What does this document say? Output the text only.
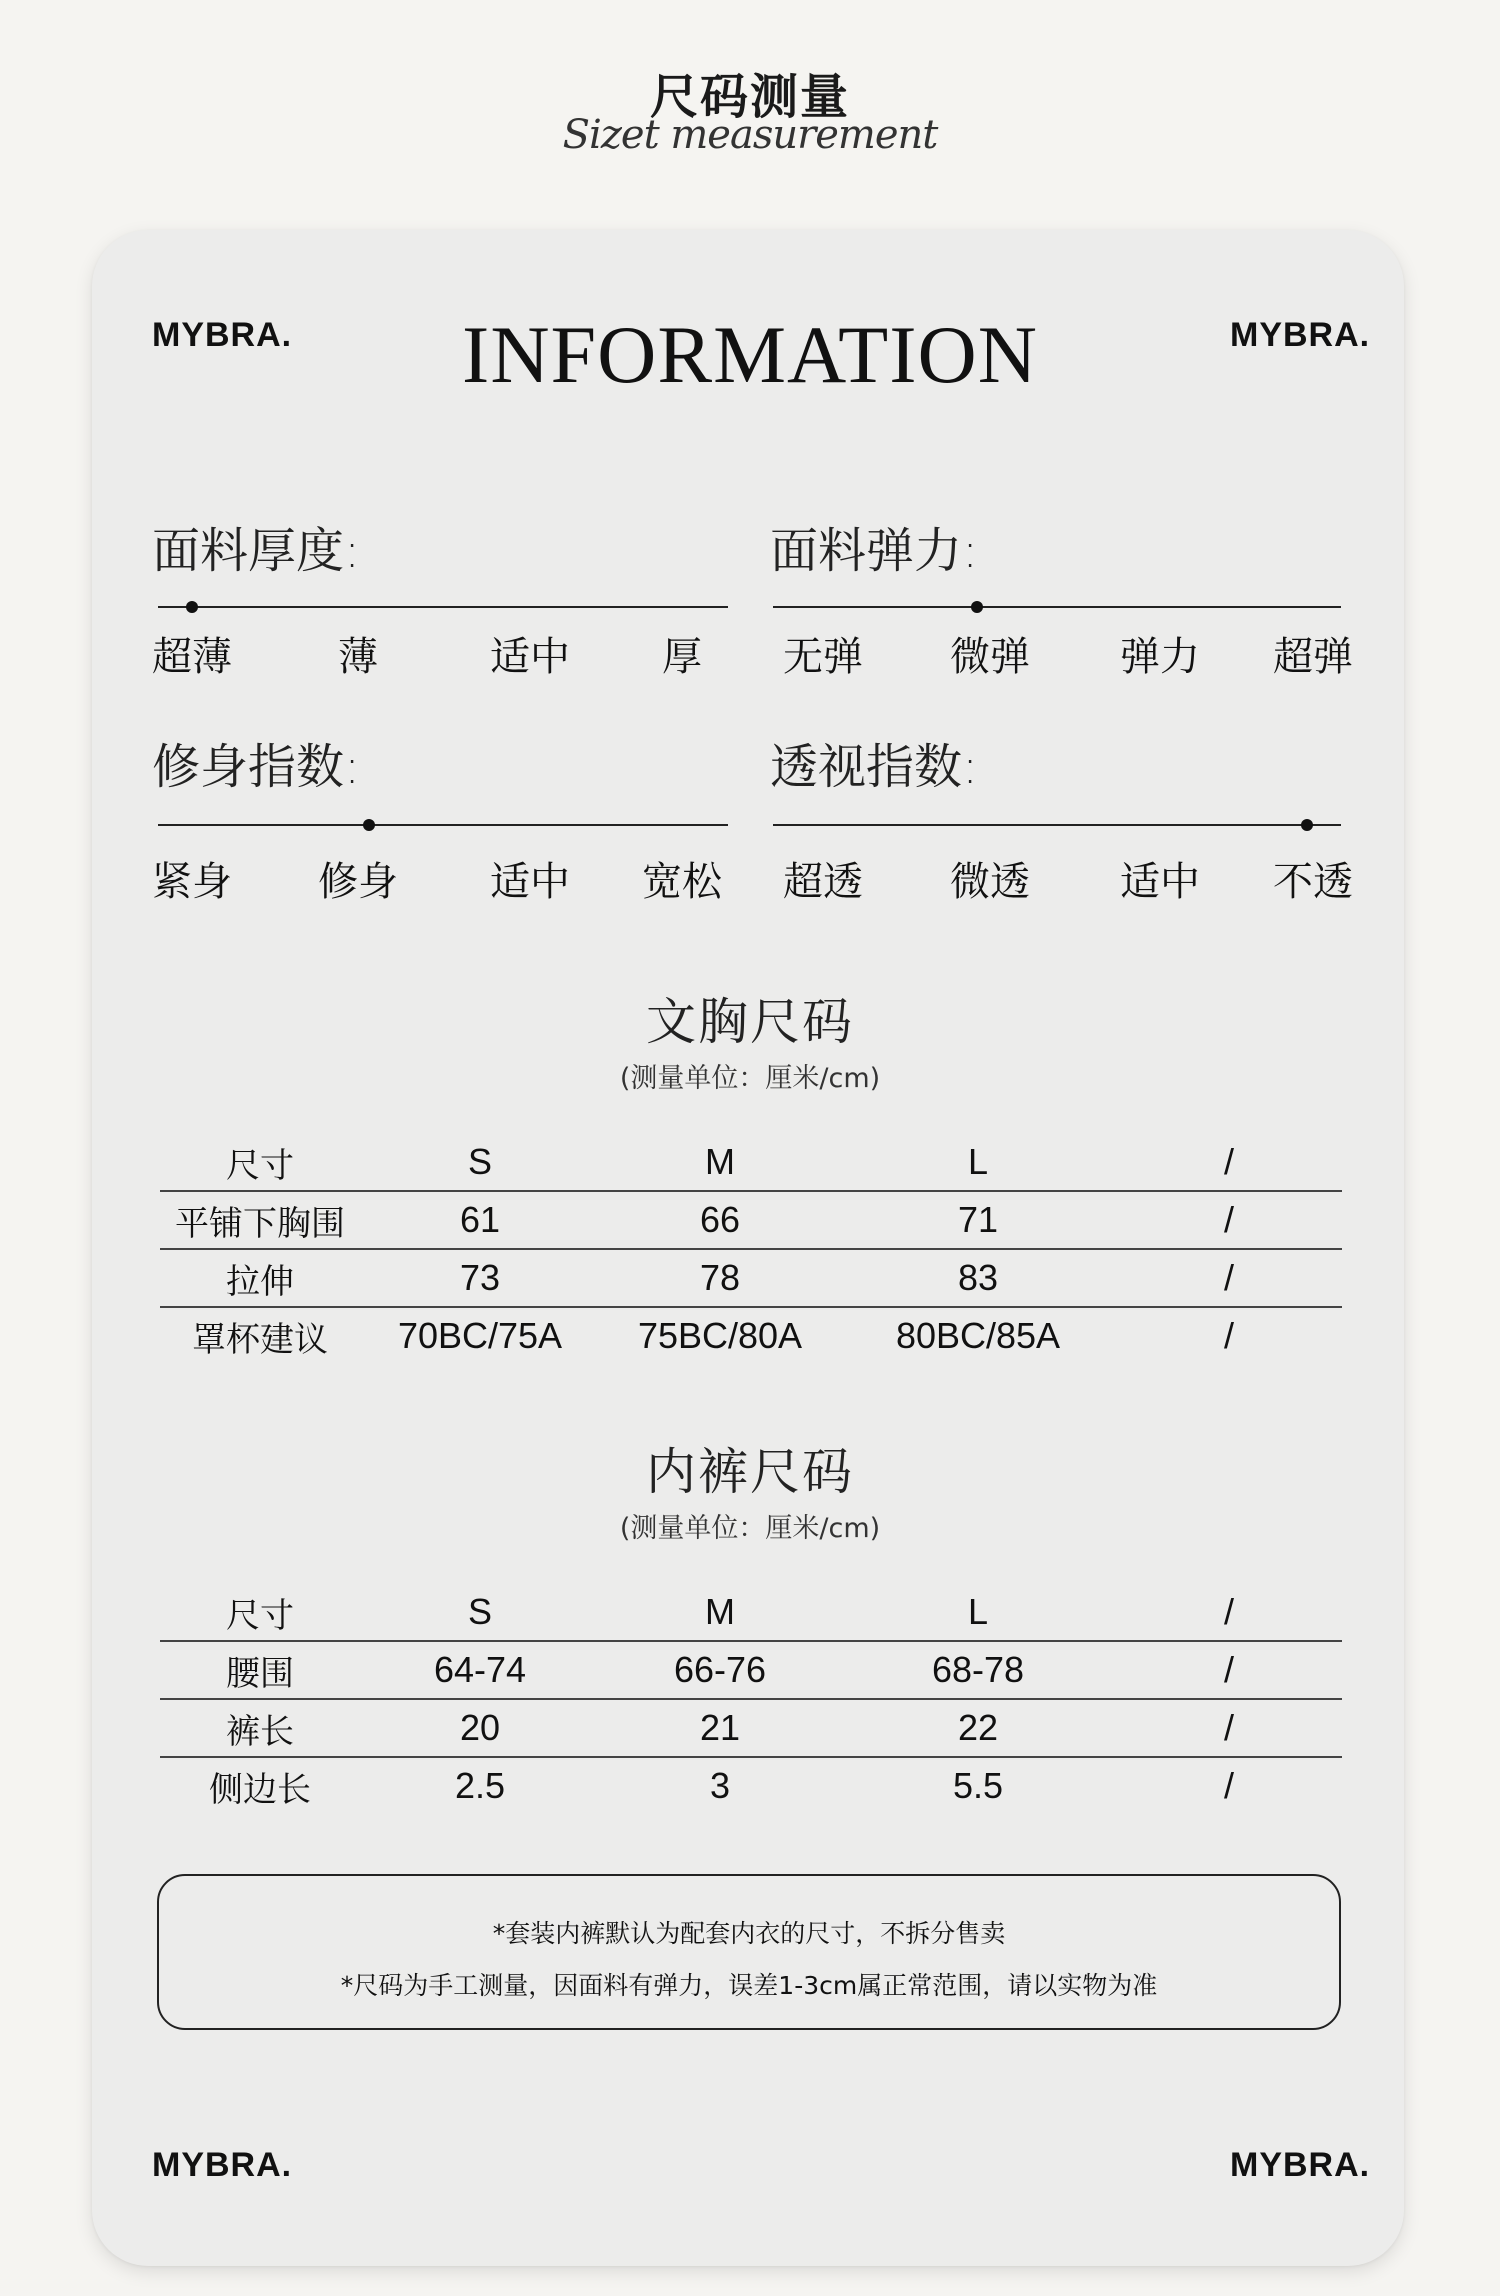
尺码测量
Sizet measurement
MYBRA.	MYBRA.
INFORMATION
面料厚度:
超薄	薄	适中 厚
面料弹力:
无弹 微弹 弹力 超弹
修身指数:
紧身 修身 适中 宽松
透视指数:
超透 微透 适中 不透
文胸尺码
(测量单位：厘米/cm)
尺寸	S	M	L	/
平铺下胸围	61	66	71	/
拉伸	73	78	83	/
罩杯建议	70BC/75A	75BC/80A	80BC/85A	/
内裤尺码
(测量单位：厘米/cm)
尺寸	S	M	L	/
腰围	64-74	66-76	68-78	/
裤长	20	21	22	/
侧边长	2.5	3	5.5	/
*套装内裤默认为配套内衣的尺寸，不拆分售卖
*尺码为手工测量，因面料有弹力，误差1-3cm属正常范围，请以实物为准
MYBRA.	MYBRA.
